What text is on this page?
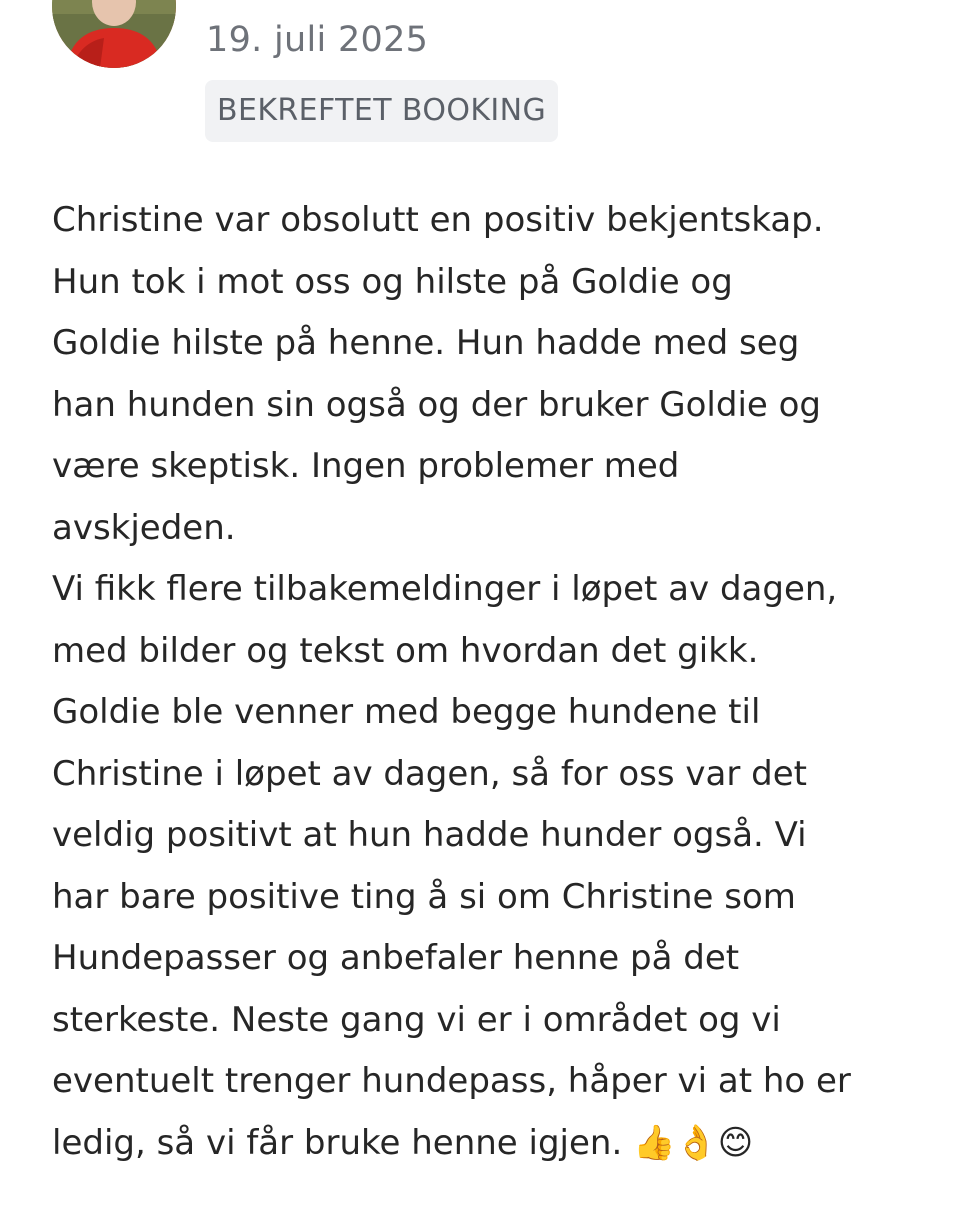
19. juli 2025
BEKREFTET BOOKING

Christine var obsolutt en positiv bekjentskap.
Hun tok i mot oss og hilste på Goldie og
Goldie hilste på henne. Hun hadde med seg
han hunden sin også og der bruker Goldie og
være skeptisk. Ingen problemer med
avskjeden.
Vi fikk flere tilbakemeldinger i løpet av dagen,
med bilder og tekst om hvordan det gikk.
Goldie ble venner med begge hundene til
Christine i løpet av dagen, så for oss var det
veldig positivt at hun hadde hunder også. Vi
har bare positive ting å si om Christine som
Hundepasser og anbefaler henne på det
sterkeste. Neste gang vi er i området og vi
eventuelt trenger hundepass, håper vi at ho er
ledig, så vi får bruke henne igjen. 👍👌😊
